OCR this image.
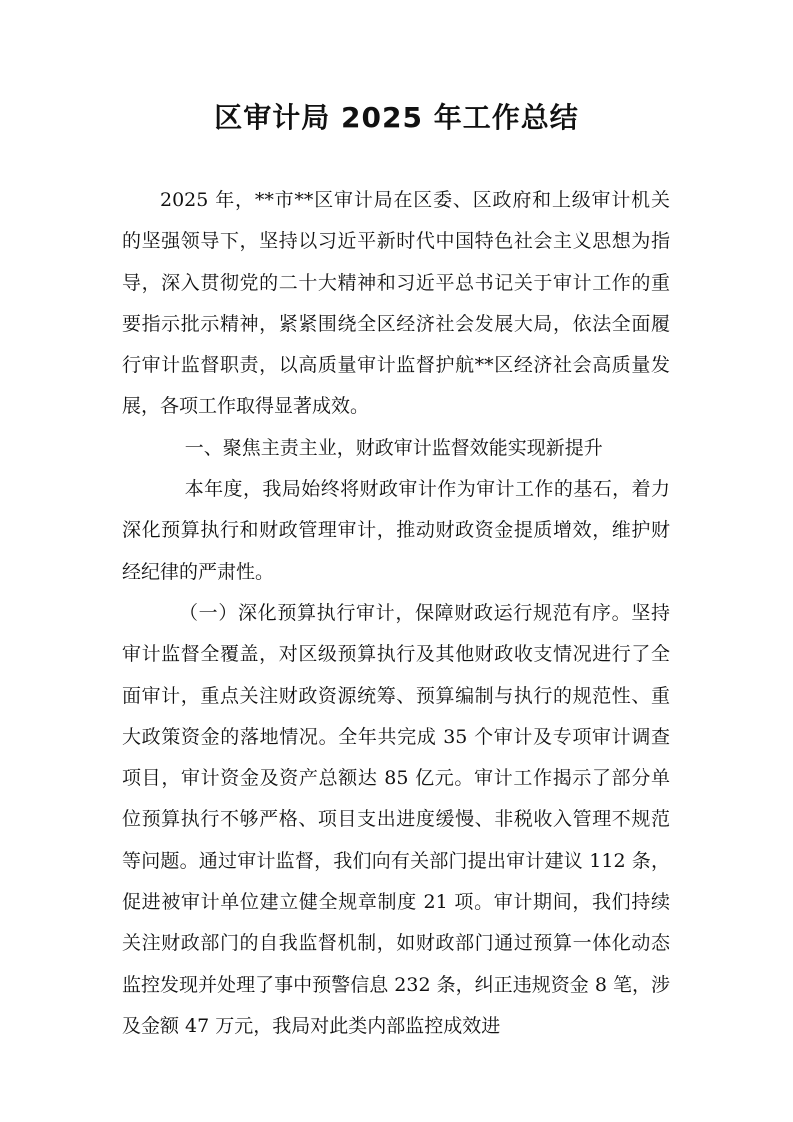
区审计局 2025 年工作总结

2025 年，**市**区审计局在区委、区政府和上级审计机关的坚强领导下，坚持以习近平新时代中国特色社会主义思想为指导，深入贯彻党的二十大精神和习近平总书记关于审计工作的重要指示批示精神，紧紧围绕全区经济社会发展大局，依法全面履行审计监督职责，以高质量审计监督护航**区经济社会高质量发展，各项工作取得显著成效。

一、聚焦主责主业，财政审计监督效能实现新提升

本年度，我局始终将财政审计作为审计工作的基石，着力深化预算执行和财政管理审计，推动财政资金提质增效，维护财经纪律的严肃性。

（一）深化预算执行审计，保障财政运行规范有序。坚持审计监督全覆盖，对区级预算执行及其他财政收支情况进行了全面审计，重点关注财政资源统筹、预算编制与执行的规范性、重大政策资金的落地情况。全年共完成 35 个审计及专项审计调查项目，审计资金及资产总额达 85 亿元。审计工作揭示了部分单位预算执行不够严格、项目支出进度缓慢、非税收入管理不规范等问题。通过审计监督，我们向有关部门提出审计建议 112 条，促进被审计单位建立健全规章制度 21 项。审计期间，我们持续关注财政部门的自我监督机制，如财政部门通过预算一体化动态监控发现并处理了事中预警信息 232 条，纠正违规资金 8 笔，涉及金额 47 万元，我局对此类内部监控成效进
